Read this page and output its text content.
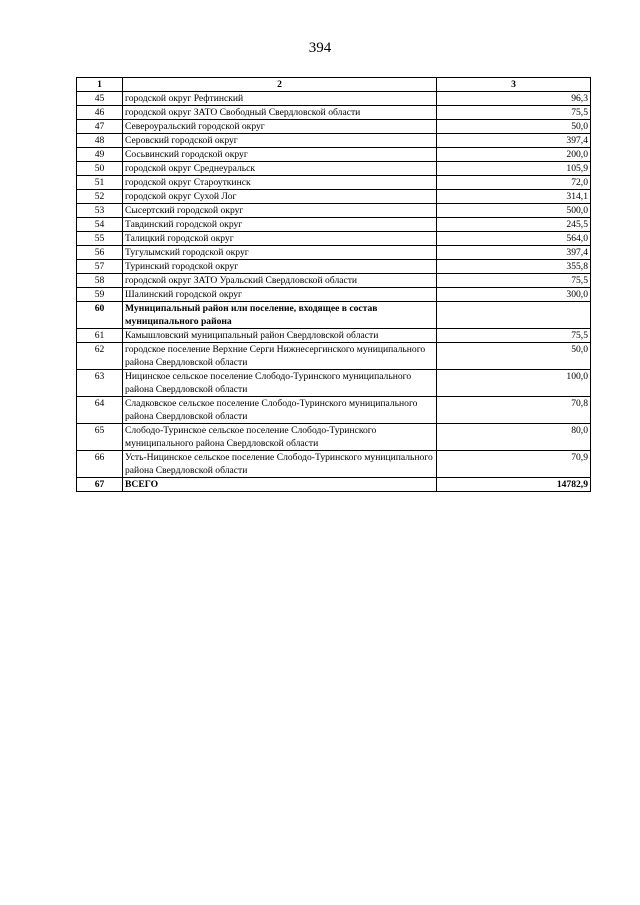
394
1	2	3
45	городской округ Рефтинский	96,3
46	городской округ ЗАТО Свободный Свердловской области	75,5
47	Североуральский городской округ	50,0
48	Серовский городской округ	397,4
49	Сосьвинский городской округ	200,0
50	городской округ Среднеуральск	105,9
51	городской округ Староуткинск	72,0
52	городской округ Сухой Лог	314,1
53	Сысертский городской округ	500,0
54	Тавдинский городской округ	245,5
55	Талицкий городской округ	564,0
56	Тугулымский городской округ	397,4
57	Туринский городской округ	355,8
58	городской округ ЗАТО Уральский Свердловской области	75,5
59	Шалинский городской округ	300,0
60	Муниципальный район или поселение, входящее в состав муниципального района	
61	Камышловский муниципальный район Свердловской области	75,5
62	городское поселение Верхние Серги Нижнесергинского муниципального района Свердловской области	50,0
63	Ницинское сельское поселение Слободо-Туринского муниципального района Свердловской области	100,0
64	Сладковское сельское поселение Слободо-Туринского муниципального района Свердловской области	70,8
65	Слободо-Туринское сельское поселение Слободо-Туринского муниципального района Свердловской области	80,0
66	Усть-Ницинское сельское поселение Слободо-Туринского муниципального района Свердловской области	70,9
67	ВСЕГО	14782,9
